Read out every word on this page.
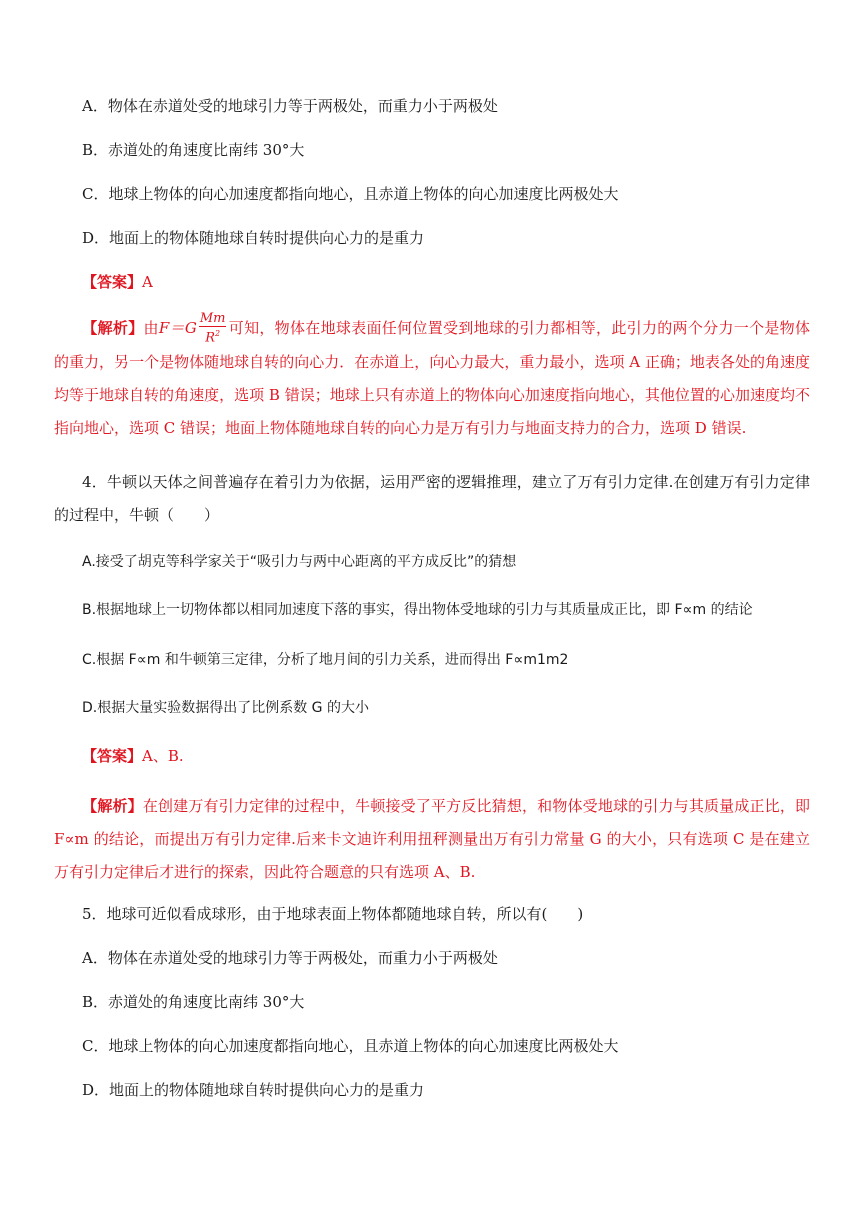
A．物体在赤道处受的地球引力等于两极处，而重力小于两极处
B．赤道处的角速度比南纬 30°大
C．地球上物体的向心加速度都指向地心，且赤道上物体的向心加速度比两极处大
D．地面上的物体随地球自转时提供向心力的是重力
【答案】A
【解析】由$F=G \frac{Mm}{R^2}$ 可知，物体在地球表面任何位置受到地球的引力都相等，此引力的两个分力一个是物体的重力，另一个是物体随地球自转的向心力．在赤道上，向心力最大，重力最小，选项 A 正确；地表各处的角速度均等于地球自转的角速度，选项 B 错误；地球上只有赤道上的物体向心加速度指向地心，其他位置的心加速度均不指向地心，选项 C 错误；地面上物体随地球自转的向心力是万有引力与地面支持力的合力，选项 D 错误.
4．牛顿以天体之间普遍存在着引力为依据，运用严密的逻辑推理，建立了万有引力定律.在创建万有引力定律的过程中，牛顿（　　）
A.接受了胡克等科学家关于“吸引力与两中心距离的平方成反比”的猜想
B.根据地球上一切物体都以相同加速度下落的事实，得出物体受地球的引力与其质量成正比，即 F∝m 的结论
C.根据 F∝m 和牛顿第三定律，分析了地月间的引力关系，进而得出 F∝m1m2
D.根据大量实验数据得出了比例系数 G 的大小
【答案】A、B.
【解析】在创建万有引力定律的过程中，牛顿接受了平方反比猜想，和物体受地球的引力与其质量成正比，即 F∝m 的结论，而提出万有引力定律.后来卡文迪许利用扭秤测量出万有引力常量 G 的大小，只有选项 C 是在建立万有引力定律后才进行的探索，因此符合题意的只有选项 A、B.
5．地球可近似看成球形，由于地球表面上物体都随地球自转，所以有(　　)
A．物体在赤道处受的地球引力等于两极处，而重力小于两极处
B．赤道处的角速度比南纬 30°大
C．地球上物体的向心加速度都指向地心，且赤道上物体的向心加速度比两极处大
D．地面上的物体随地球自转时提供向心力的是重力
